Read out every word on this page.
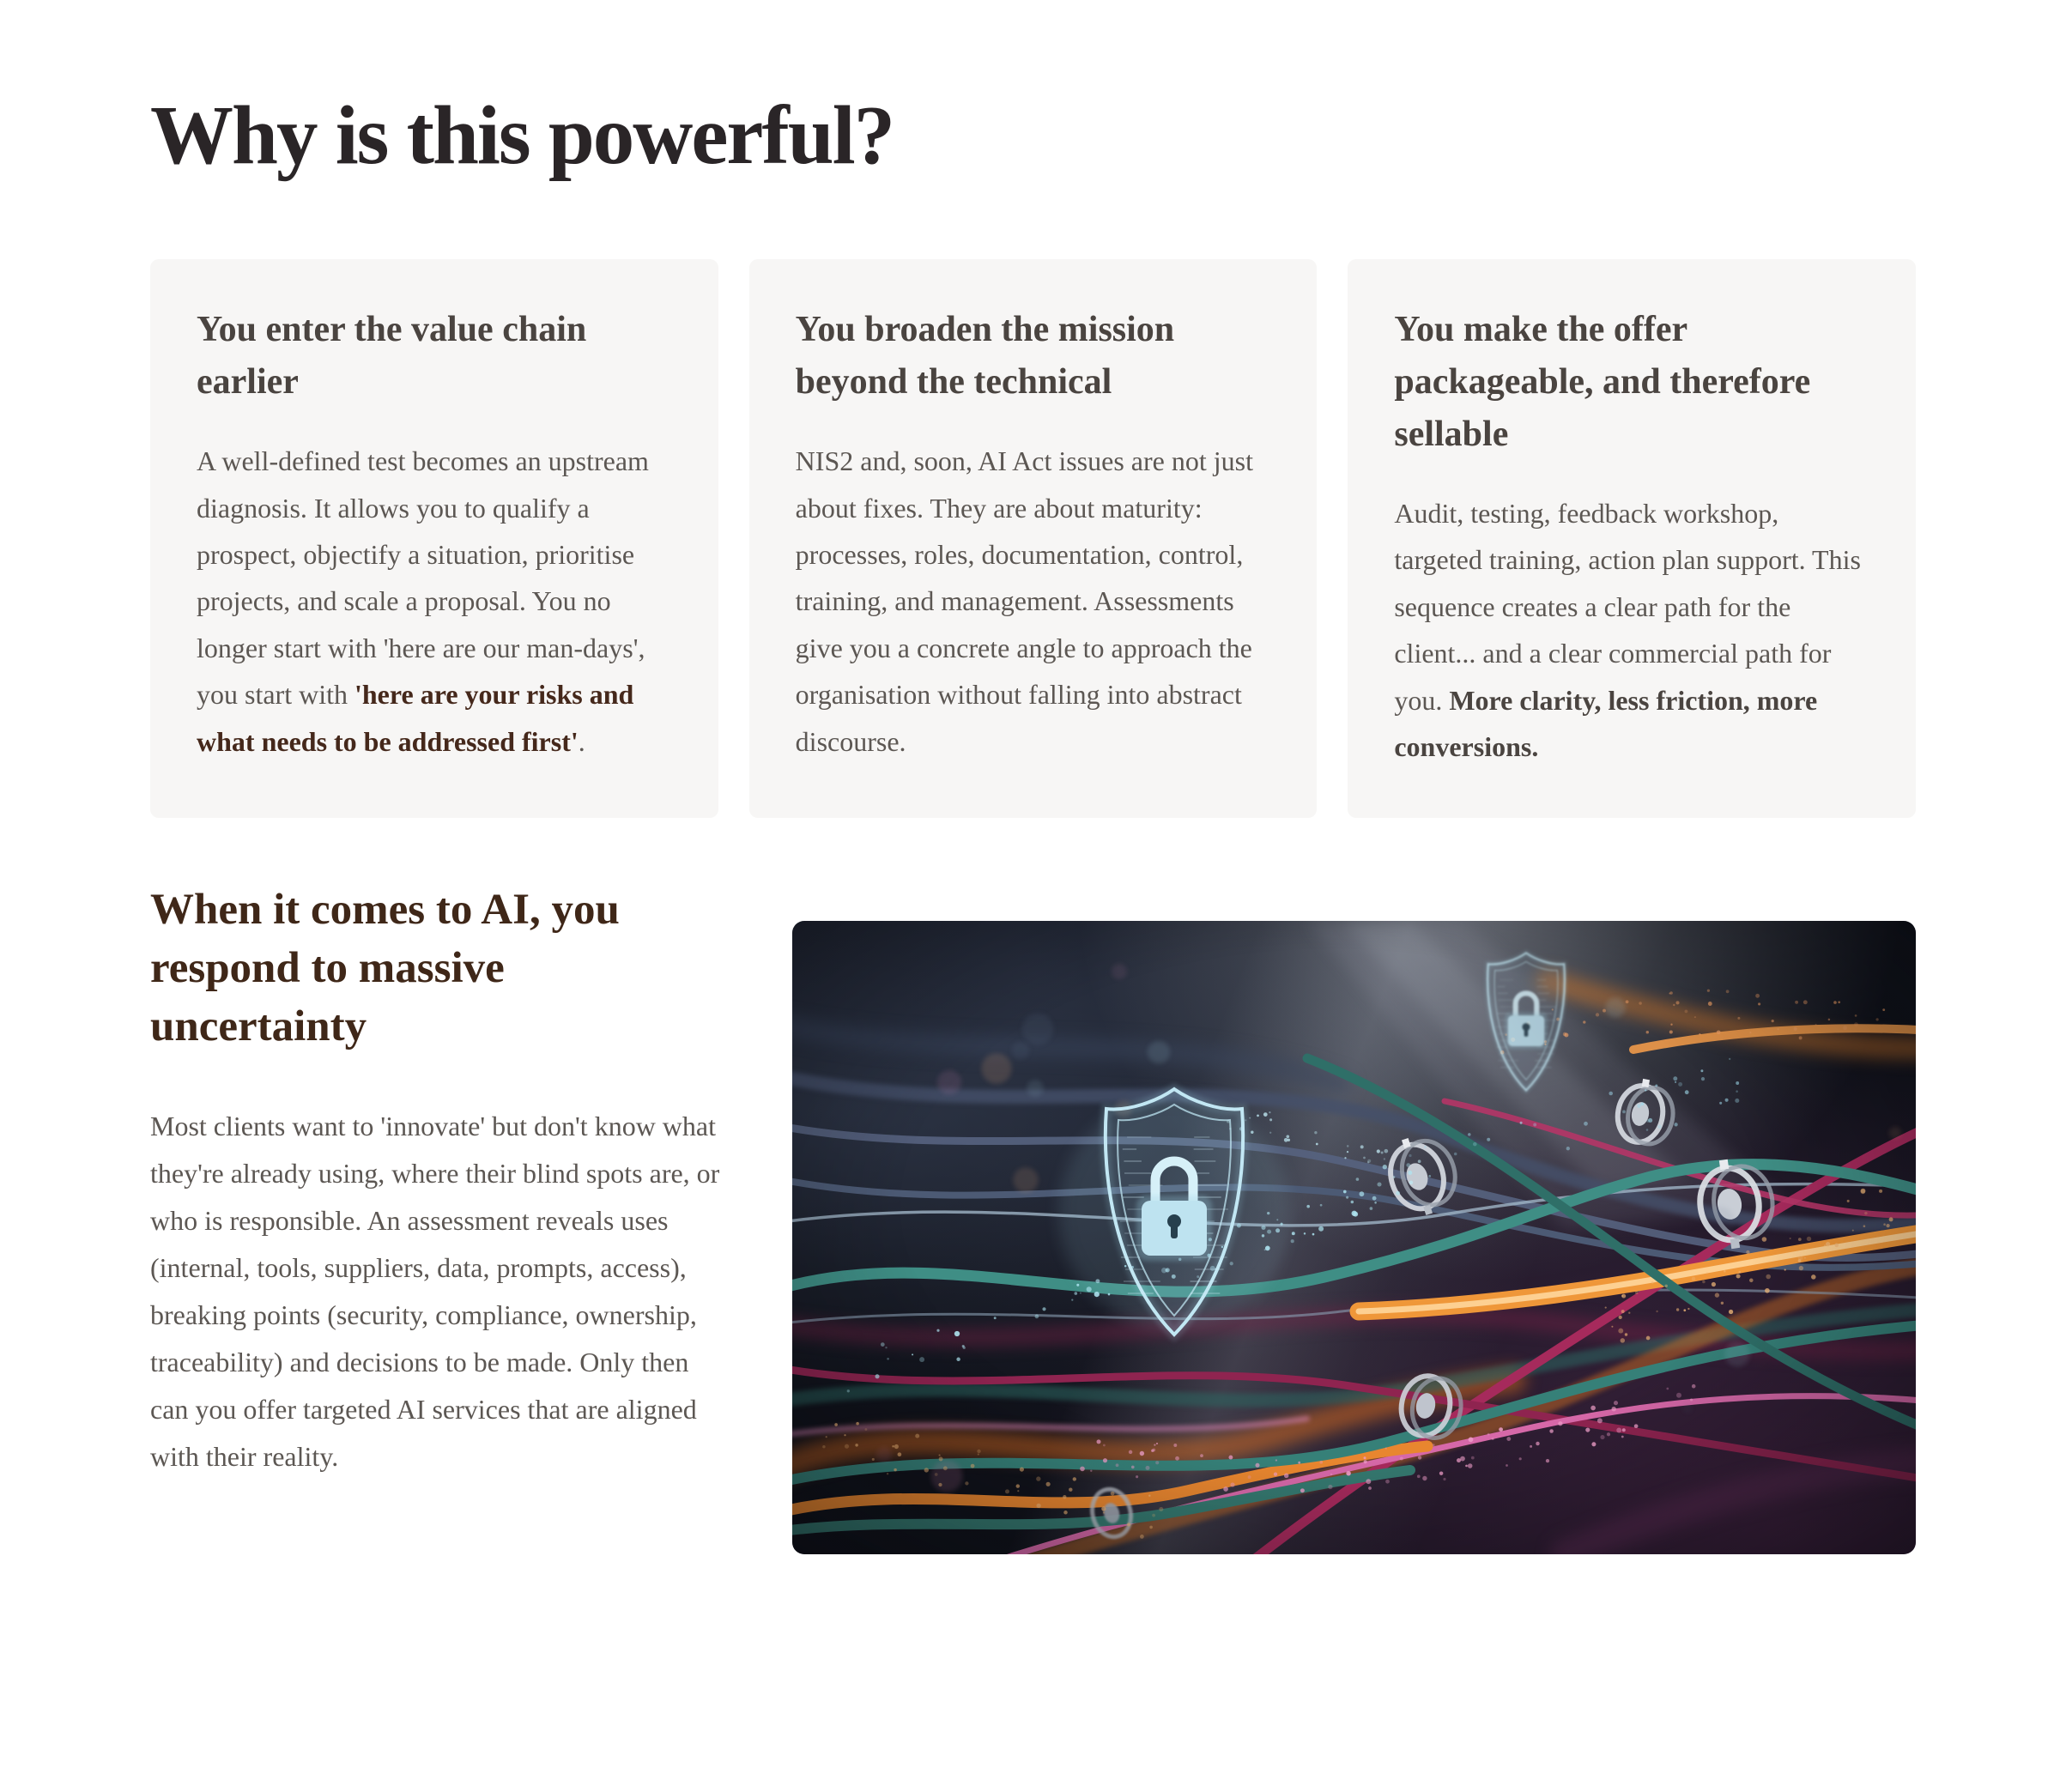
Why is this powerful?
You enter the value chain earlier

A well-defined test becomes an upstream diagnosis. It allows you to qualify a prospect, objectify a situation, prioritise projects, and scale a proposal. You no longer start with 'here are our man-days', you start with 'here are your risks and what needs to be addressed first'.

You broaden the mission beyond the technical

NIS2 and, soon, AI Act issues are not just about fixes. They are about maturity: processes, roles, documentation, control, training, and management. Assessments give you a concrete angle to approach the organisation without falling into abstract discourse.

You make the offer packageable, and therefore sellable

Audit, testing, feedback workshop, targeted training, action plan support. This sequence creates a clear path for the client... and a clear commercial path for you. More clarity, less friction, more conversions.

When it comes to AI, you respond to massive uncertainty

Most clients want to 'innovate' but don't know what they're already using, where their blind spots are, or who is responsible. An assessment reveals uses (internal, tools, suppliers, data, prompts, access), breaking points (security, compliance, ownership, traceability) and decisions to be made. Only then can you offer targeted AI services that are aligned with their reality.
